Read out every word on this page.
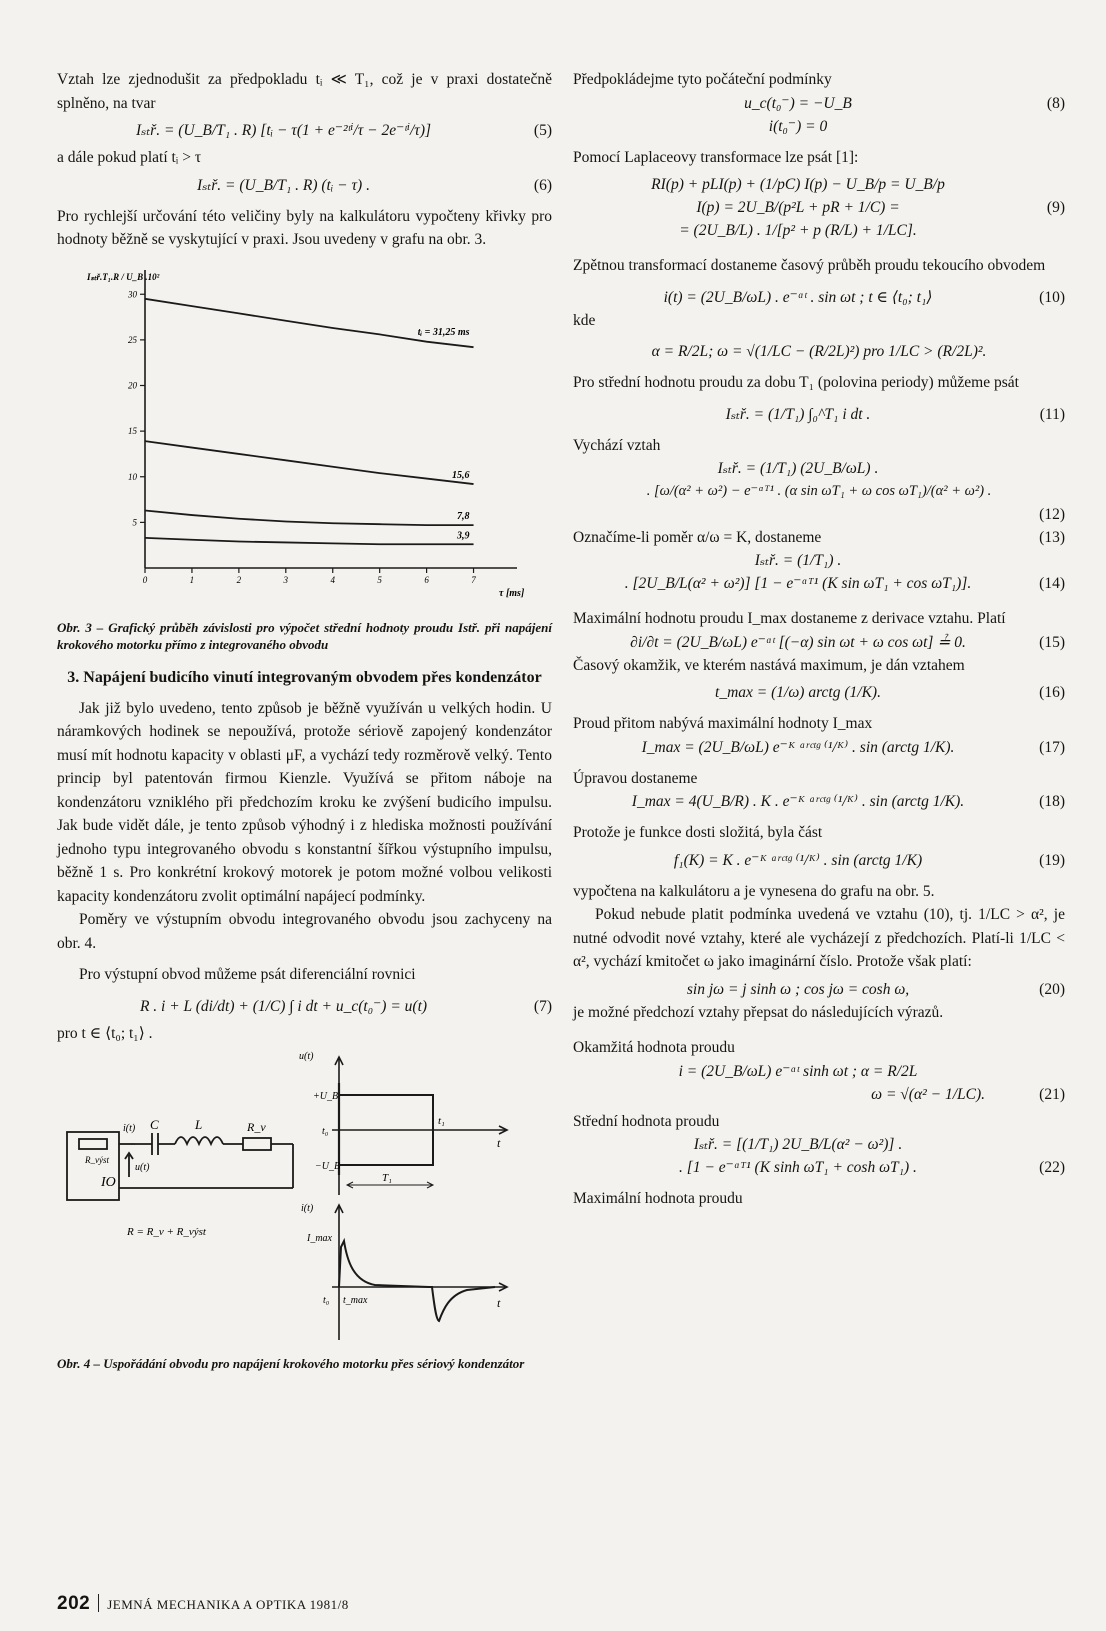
Vztah lze zjednodušit za předpokladu tᵢ ≪ T₁, což je v praxi dostatečně splněno, na tvar

Iₛₜř. = (U_B/T₁ . R) [tᵢ − τ(1 + e⁻²ᵗⁱ/τ − 2e⁻ᵗⁱ/τ)]	(5)

a dále pokud platí tᵢ > τ

Iₛₜř. = (U_B/T₁ . R) (tᵢ − τ) .	(6)

Pro rychlejší určování této veličiny byly na kalkulátoru vypočteny křivky pro hodnoty běžně se vyskytující v praxi. Jsou uvedeny v grafu na obr. 3.

5
10
15
20
25
30
0	1	2	3	4	5	6	7
Iₛₜř.T₁.R / U_B .10²
τ [ms]
tᵢ = 31,25 ms
15,6
7,8
3,9

Obr. 3 – Grafický průběh závislosti pro výpočet střední hodnoty proudu Istř. při napájení krokového motorku přímo z integrovaného obvodu

3. Napájení budicího vinutí integrovaným obvodem přes kondenzátor

Jak již bylo uvedeno, tento způsob je běžně využíván u velkých hodin. U náramkových hodinek se nepoužívá, protože sériově zapojený kondenzátor musí mít hodnotu kapacity v oblasti μF, a vychází tedy rozměrově velký. Tento princip byl patentován firmou Kienzle. Využívá se přitom náboje na kondenzátoru vzniklého při předchozím kroku ke zvýšení budicího impulsu. Jak bude vidět dále, je tento způsob výhodný i z hlediska možnosti používání jednoho typu integrovaného obvodu s konstantní šířkou výstupního impulsu, běžně 1 s. Pro konkrétní krokový motorek je potom možné volbou velikosti kapacity kondenzátoru zvolit optimální napájecí podmínky.

Poměry ve výstupním obvodu integrovaného obvodu jsou zachyceny na obr. 4.

Pro výstupní obvod můžeme psát diferenciální rovnici

R . i + L (di/dt) + (1/C) ∫ i dt + u_c(t₀⁻) = u(t)	(7)

pro t ∈ ⟨t₀; t₁⟩ .

IO
R_výst
i(t)
u(t)
C	L	R_v
R = R_v + R_výst
u(t)
+U_B
t₀
−U_B
t₁
t
T₁
i(t)
I_max
t₀ t_max	t

Obr. 4 – Uspořádání obvodu pro napájení krokového motorku přes sériový kondenzátor

Předpokládejme tyto počáteční podmínky

u_c(t₀⁻) = −U_B	(8)
i(t₀⁻) = 0

Pomocí Laplaceovy transformace lze psát [1]:

RI(p) + pLI(p) + (1/pC) I(p) − U_B/p = U_B/p
I(p) = 2U_B/(p²L + pR + 1/C) =	(9)
= (2U_B/L) . 1/[p² + p (R/L) + 1/LC].

Zpětnou transformací dostaneme časový průběh proudu tekoucího obvodem

i(t) = (2U_B/ωL) . e⁻ᵅᵗ . sin ωt ; t ∈ ⟨t₀; t₁⟩	(10)

kde

α = R/2L; ω = √(1/LC − (R/2L)²) pro 1/LC > (R/2L)².

Pro střední hodnotu proudu za dobu T₁ (polovina periody) můžeme psát

Iₛₜř. = (1/T₁) ∫₀^T₁ i dt .	(11)

Vychází vztah

Iₛₜř. = (1/T₁) (2U_B/ωL) .
. [ω/(α² + ω²) − e⁻ᵅᵀ¹ . (α sin ωT₁ + ω cos ωT₁)/(α² + ω²) .
(12)

Označíme-li poměr α/ω = K, dostaneme	(13)
Iₛₜř. = (1/T₁) .
. [2U_B/L(α² + ω²)] [1 − e⁻ᵅᵀ¹ (K sin ωT₁ + cos ωT₁)].	(14)

Maximální hodnotu proudu I_max dostaneme z derivace vztahu. Platí

∂i/∂t = (2U_B/ωL) e⁻ᵅᵗ [(−α) sin ωt + ω cos ωt] ≟ 0.	(15)

Časový okamžik, ve kterém nastává maximum, je dán vztahem

t_max = (1/ω) arctg (1/K).	(16)

Proud přitom nabývá maximální hodnoty I_max

I_max = (2U_B/ωL) e⁻ᴷ ᵃʳᶜᵗᵍ ⁽¹/ᴷ⁾ . sin (arctg 1/K).	(17)

Úpravou dostaneme

I_max = 4(U_B/R) . K . e⁻ᴷ ᵃʳᶜᵗᵍ ⁽¹/ᴷ⁾ . sin (arctg 1/K).	(18)

Protože je funkce dosti složitá, byla část

f₁(K) = K . e⁻ᴷ ᵃʳᶜᵗᵍ ⁽¹/ᴷ⁾ . sin (arctg 1/K)	(19)

vypočtena na kalkulátoru a je vynesena do grafu na obr. 5.

Pokud nebude platit podmínka uvedená ve vztahu (10), tj. 1/LC > α², je nutné odvodit nové vztahy, které ale vycházejí z předchozích. Platí-li 1/LC < α², vychází kmitočet ω jako imaginární číslo. Protože však platí:

sin jω = j sinh ω ; cos jω = cosh ω,	(20)

je možné předchozí vztahy přepsat do následujících výrazů.

Okamžitá hodnota proudu

i = (2U_B/ωL) e⁻ᵅᵗ sinh ωt ; α = R/2L
ω = √(α² − 1/LC).	(21)

Střední hodnota proudu

Iₛₜř. = [(1/T₁) 2U_B/L(α² − ω²)] .
. [1 − e⁻ᵅᵀ¹ (K sinh ωT₁ + cosh ωT₁) .	(22)

Maximální hodnota proudu

202 JEMNÁ MECHANIKA A OPTIKA 1981/8
